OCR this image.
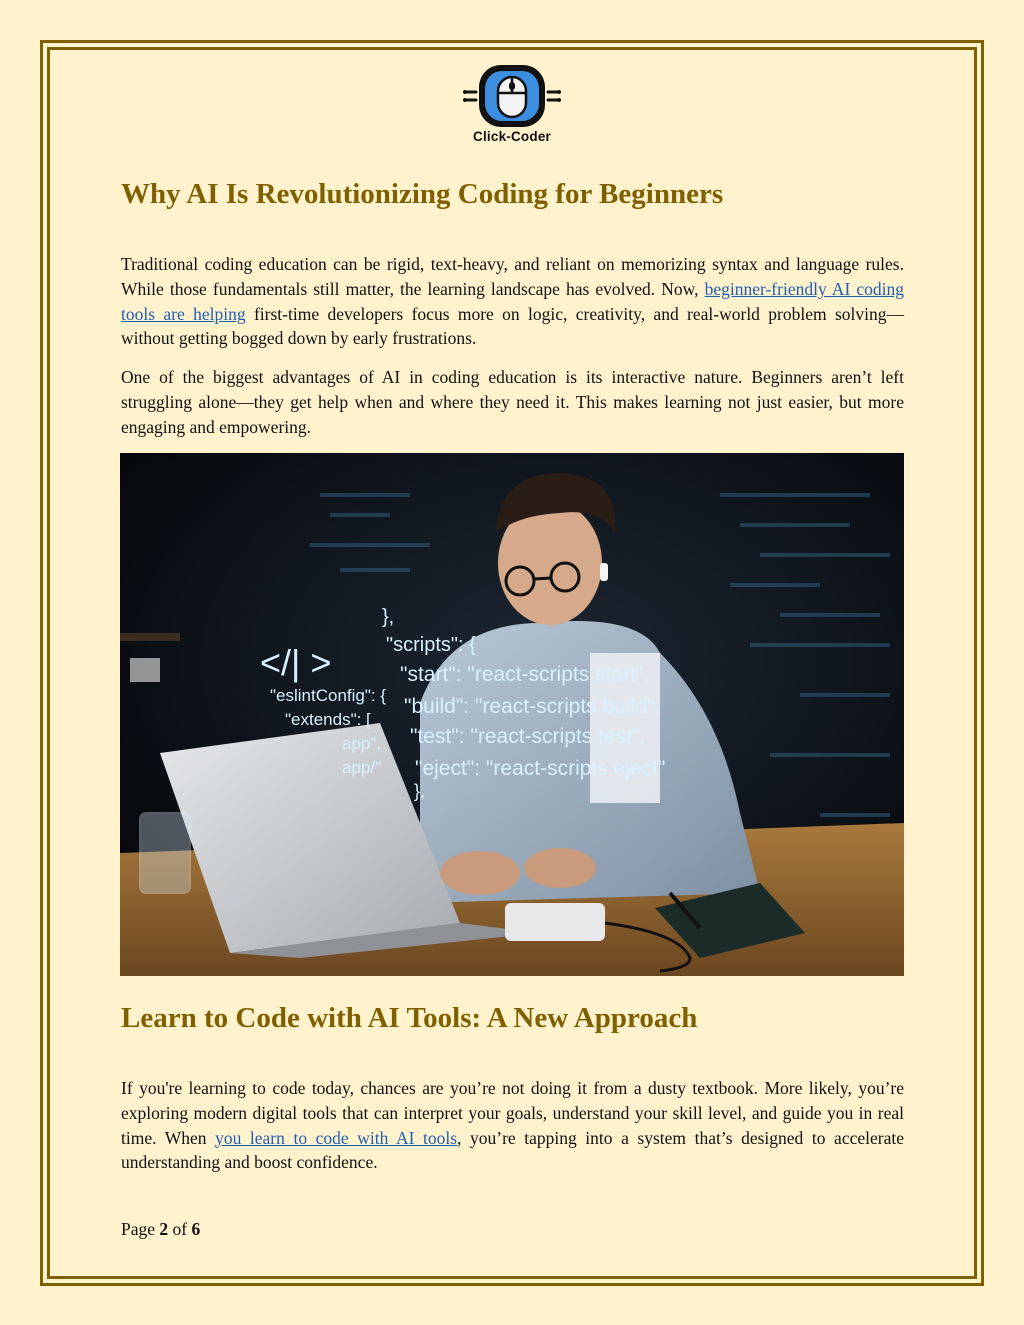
Click-Coder
Why AI Is Revolutionizing Coding for Beginners

Traditional coding education can be rigid, text-heavy, and reliant on memorizing syntax and language rules. While those fundamentals still matter, the learning landscape has evolved. Now, beginner-friendly AI coding tools are helping first-time developers focus more on logic, creativity, and real-world problem solving—without getting bogged down by early frustrations.

One of the biggest advantages of AI in coding education is its interactive nature. Beginners aren’t left struggling alone—they get help when and where they need it. This makes learning not just easier, but more engaging and empowering.

</| >
"eslintConfig": {
"extends": [
app",
app/"
},
"scripts": {
"start": "react-scripts start",
"build": "react-scripts build",
"test": "react-scripts test",
"eject": "react-scripts eject"
},
Learn to Code with AI Tools: A New Approach

If you're learning to code today, chances are you’re not doing it from a dusty textbook. More likely, you’re exploring modern digital tools that can interpret your goals, understand your skill level, and guide you in real time. When you learn to code with AI tools, you’re tapping into a system that’s designed to accelerate understanding and boost confidence.

Page 2 of 6
